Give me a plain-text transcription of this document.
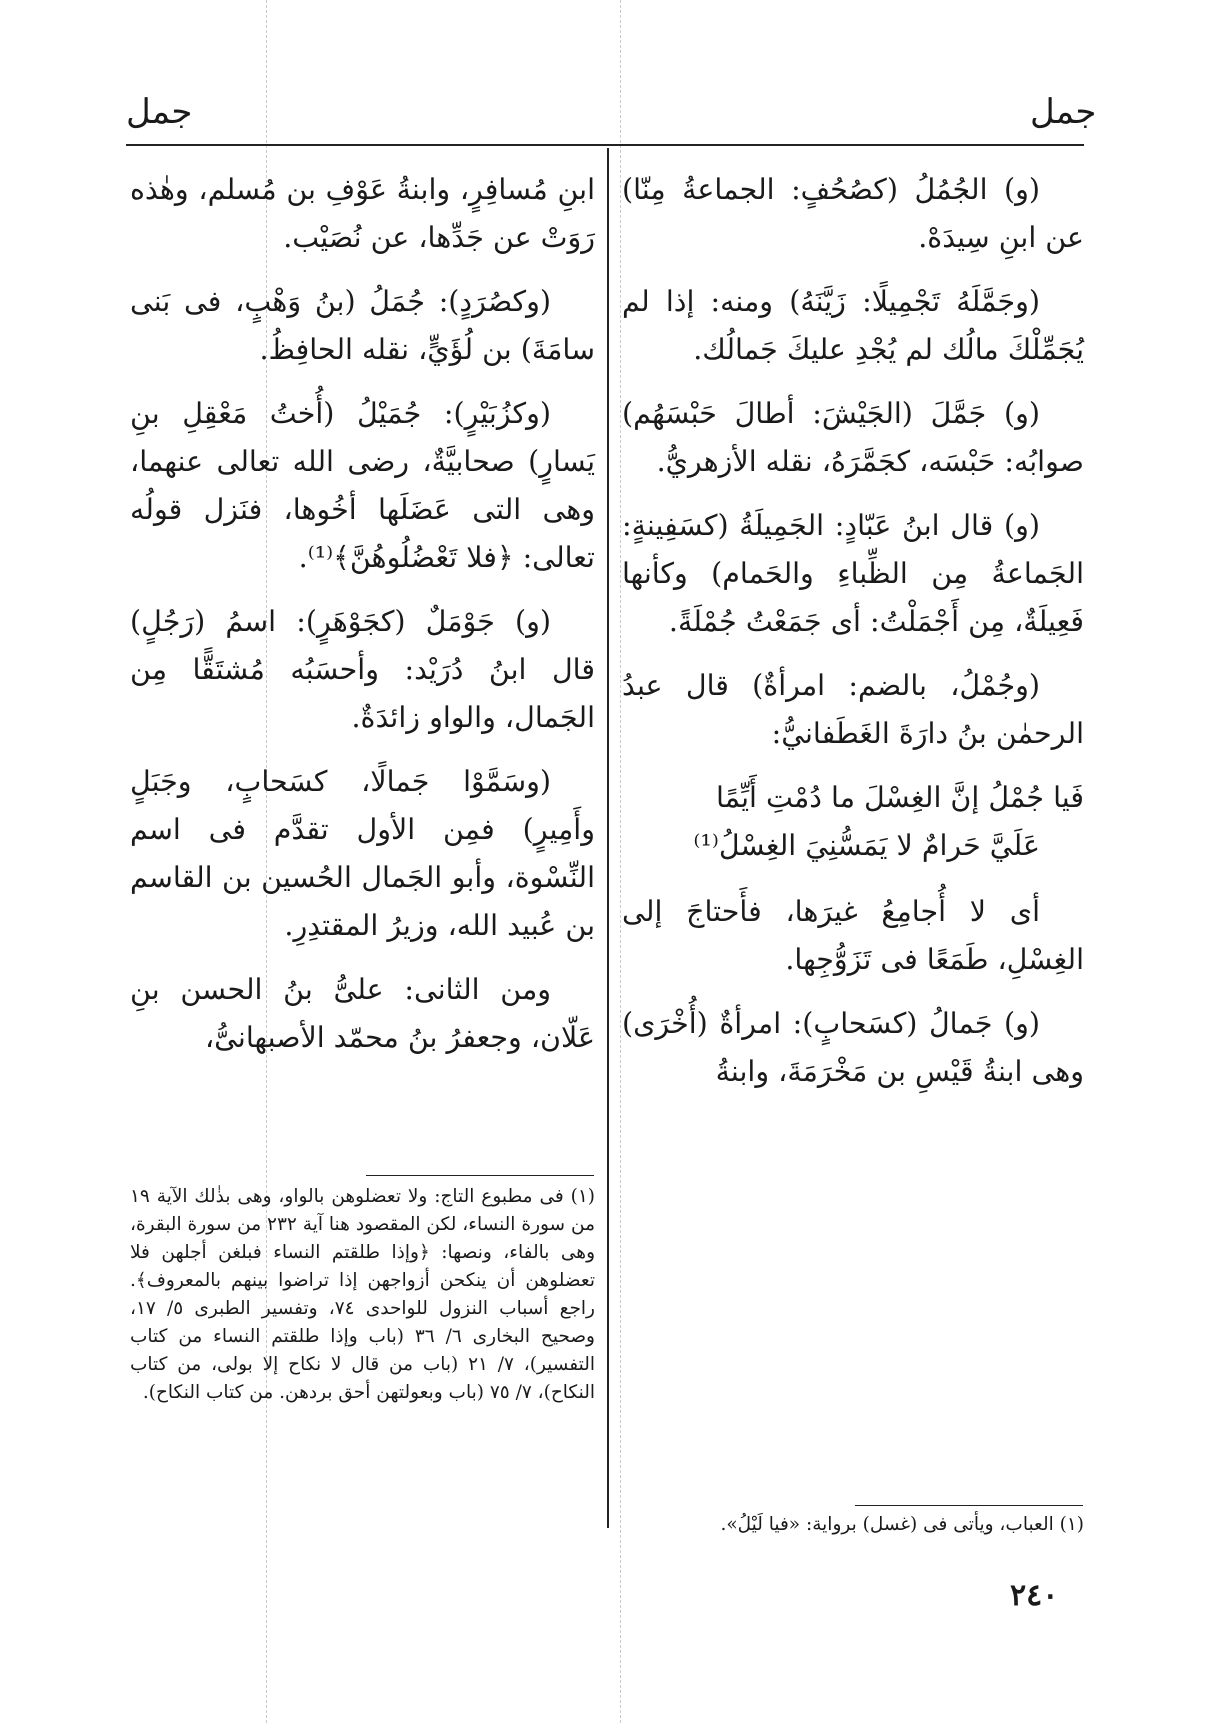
جمل
جمل

(و) الجُمُلُ (كصُحُفٍ: الجماعةُ مِنّا) عن ابنِ سِيدَهْ.

(وجَمَّلَهُ تَجْمِيلًا: زَيَّنَهُ) ومنه: إذا لم يُجَمِّلْكَ مالُك لم يُجْدِ عليكَ جَمالُك.

(و) جَمَّلَ (الجَيْشَ: أطالَ حَبْسَهُم) صوابُه: حَبْسَه، كجَمَّرَهُ، نقله الأزهريُّ.

(و) قال ابنُ عَبّادٍ: الجَمِيلَةُ (كسَفِينةٍ: الجَماعةُ مِن الظِّباءِ والحَمام) وكأنها فَعِيلَةٌ، مِن أَجْمَلْتُ: أى جَمَعْتُ جُمْلَةً.

(وجُمْلُ، بالضم: امرأةٌ) قال عبدُ الرحمٰن بنُ دارَةَ الغَطَفانيُّ:

فَيا جُمْلُ إنَّ الغِسْلَ ما دُمْتِ أَيِّمًا
عَلَيَّ حَرامٌ لا يَمَسُّنِيَ الغِسْلُ⁽¹⁾

أى لا أُجامِعُ غيرَها، فأَحتاجَ إلى الغِسْلِ، طَمَعًا فى تَزَوُّجِها.

(و) جَمالُ (كسَحابٍ): امرأةٌ (أُخْرَى) وهى ابنةُ قَيْسِ بن مَخْرَمَةَ، وابنةُ

ابنِ مُسافِرٍ، وابنةُ عَوْفِ بن مُسلم، وهٰذه رَوَتْ عن جَدِّها، عن نُصَيْب.

(وكصُرَدٍ): جُمَلُ (بنُ وَهْبٍ، فى بَنى سامَةَ) بن لُؤَيٍّ، نقله الحافِظُ.

(وكزُبَيْرٍ): جُمَيْلُ (أُختُ مَعْقِلِ بنِ يَسارٍ) صحابيَّةٌ، رضى الله تعالى عنهما، وهى التى عَضَلَها أخُوها، فنَزل قولُه تعالى: ﴿فلا تَعْضُلُوهُنَّ﴾⁽¹⁾.

(و) جَوْمَلٌ (كجَوْهَرٍ): اسمُ (رَجُلٍ) قال ابنُ دُرَيْد: وأحسَبُه مُشتَقًّا مِن الجَمال، والواو زائدَةٌ.

(وسَمَّوْا جَمالًا، كسَحابٍ، وجَبَلٍ وأَمِيرٍ) فمِن الأول تقدَّم فى اسم النِّسْوة، وأبو الجَمال الحُسين بن القاسم بن عُبيد الله، وزيرُ المقتدِرِ.

ومن الثانى: علىُّ بنُ الحسن بنِ عَلّان، وجعفرُ بنُ محمّد الأصبهانىُّ،

(١) فى مطبوع التاج: ولا تعضلوهن بالواو، وهى بذٰلك الآية ١٩ من سورة النساء، لكن المقصود هنا آية ٢٣٢ من سورة البقرة، وهى بالفاء، ونصها: ﴿وإذا طلقتم النساء فبلغن أجلهن فلا تعضلوهن أن ينكحن أزواجهن إذا تراضوا بينهم بالمعروف﴾. راجع أسباب النزول للواحدى ٧٤، وتفسير الطبرى ٥/ ١٧، وصحيح البخارى ٦/ ٣٦ (باب وإذا طلقتم النساء من كتاب التفسير)، ٧/ ٢١ (باب من قال لا نكاح إلا بولى، من كتاب النكاح)، ٧/ ٧٥ (باب وبعولتهن أحق بردهن. من كتاب النكاح).
(١) العباب، ويأتى فى (غسل) برواية: «فيا لَيْلُ».
٢٤٠
